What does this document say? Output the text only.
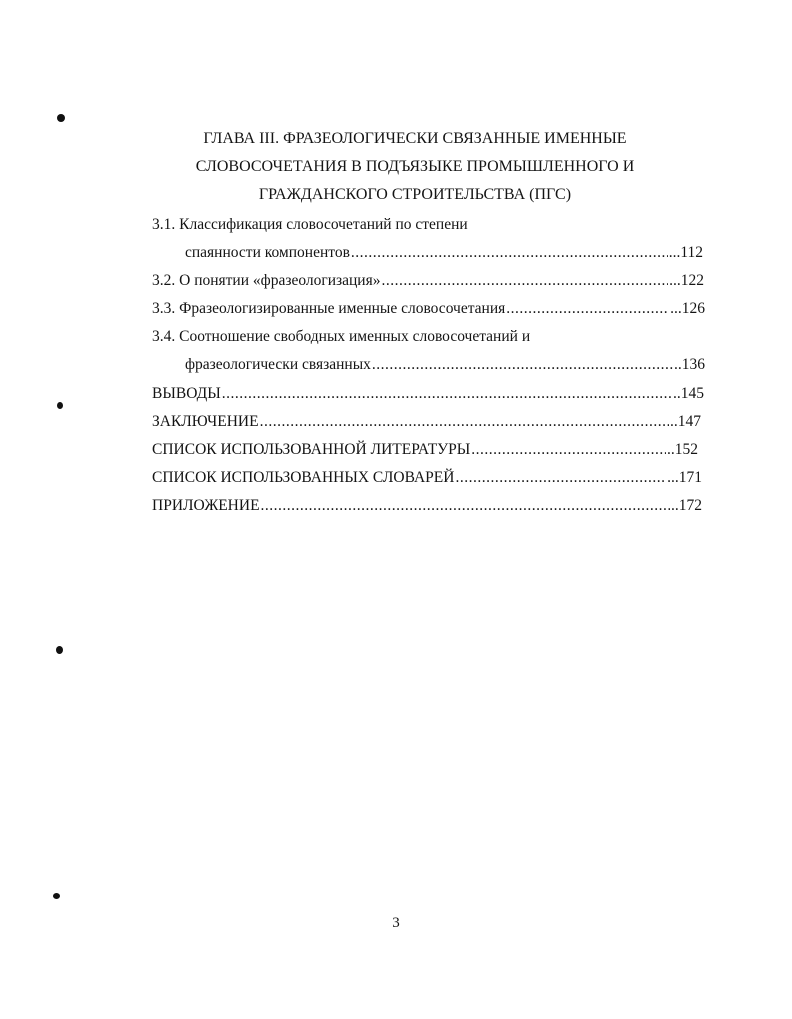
ГЛАВА III. ФРАЗЕОЛОГИЧЕСКИ СВЯЗАННЫЕ ИМЕННЫЕ
СЛОВОСОЧЕТАНИЯ В ПОДЪЯЗЫКЕ ПРОМЫШЛЕННОГО И
ГРАЖДАНСКОГО СТРОИТЕЛЬСТВА (ПГС)
3.1. Классификация словосочетаний по степени
спаянности компонентов .....	...112
3.2. О понятии «фразеологизация» .....	...122
3.3. Фразеологизированные именные словосочетания .....	...126
3.4. Соотношение свободных именных словосочетаний и
фразеологически связанных .....	..136
ВЫВОДЫ .....	..145
ЗАКЛЮЧЕНИЕ .....	..147
СПИСОК ИСПОЛЬЗОВАННОЙ ЛИТЕРАТУРЫ .....	..152
СПИСОК ИСПОЛЬЗОВАННЫХ СЛОВАРЕЙ .....	...171
ПРИЛОЖЕНИЕ .....	..172
3
